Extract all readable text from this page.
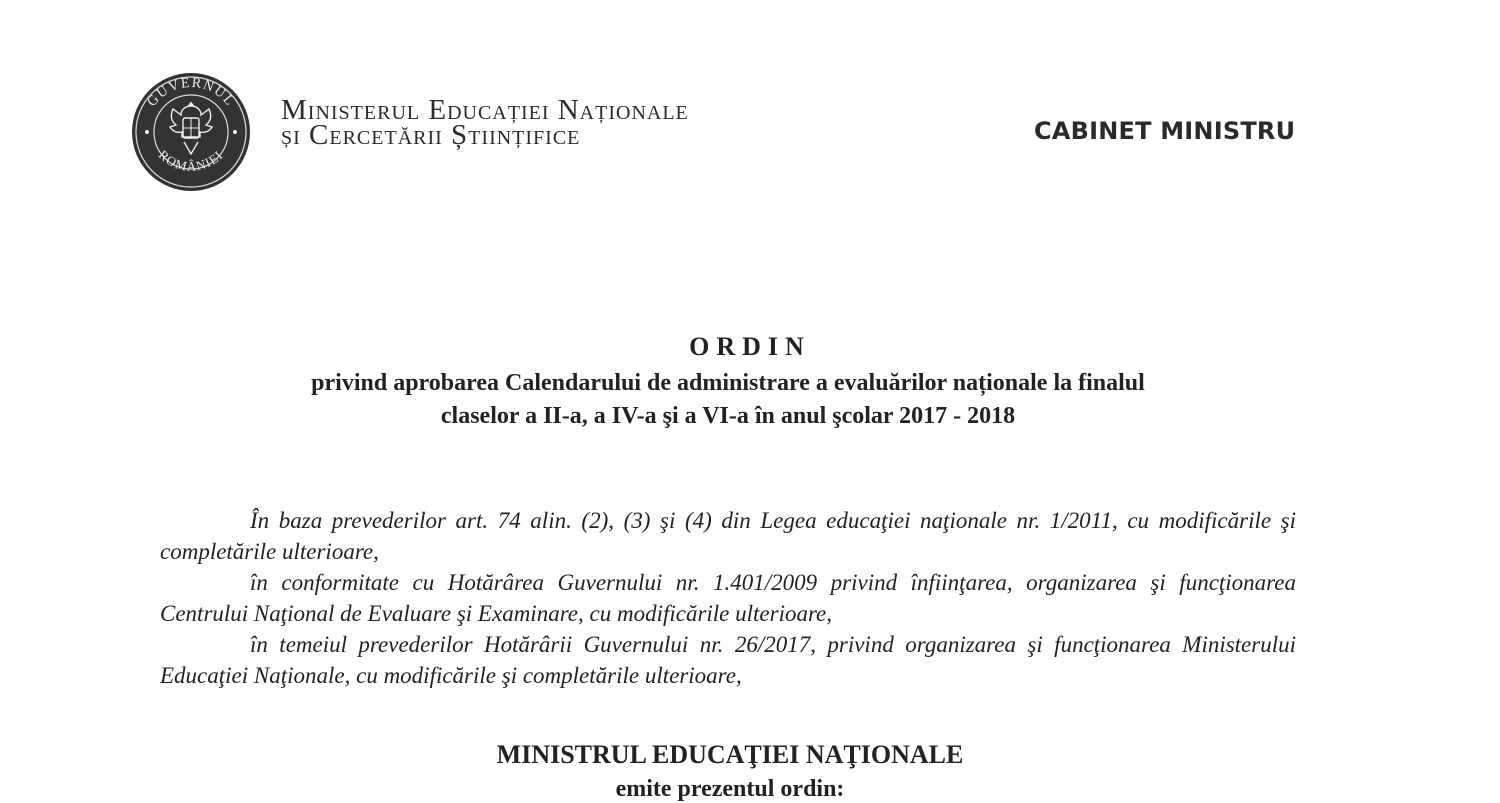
GUVERNUL
ROMÂNIEI
Ministerul Educației Naționale
și Cercetării Științifice	CABINET MINISTRU
ORDIN
privind aprobarea Calendarului de administrare a evaluărilor naționale la finalul
claselor a II-a, a IV-a şi a VI-a în anul şcolar 2017 - 2018

În baza prevederilor art. 74 alin. (2), (3) şi (4) din Legea educaţiei naţionale nr. 1/2011, cu modificările şi completările ulterioare,

în conformitate cu Hotărârea Guvernului nr. 1.401/2009 privind înfiinţarea, organizarea şi funcţionarea Centrului Naţional de Evaluare şi Examinare, cu modificările ulterioare,

în temeiul prevederilor Hotărârii Guvernului nr. 26/2017, privind organizarea şi funcţionarea Ministerului Educaţiei Naţionale, cu modificările şi completările ulterioare,

MINISTRUL EDUCAŢIEI NAŢIONALE
emite prezentul ordin:
